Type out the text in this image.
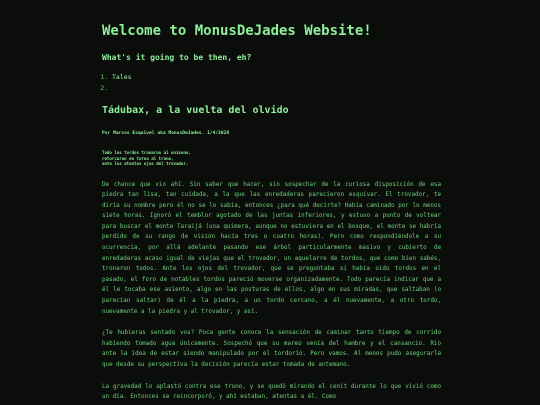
Welcome to MonusDeJades Website!
What's it going to be then, eh?
1. Tales
2.
Tádubax, a la vuelta del olvido
Por Marcos Esquivel aka MonusDeJades. 1/4/2026
Todo los tordos tronaron al unísono,
retorcaron en torno al trono,
ante los atentos ojos del trovador.

De chance que vio ahí. Sin saber que hacer, sin sospechar de la curiosa disposición de esa piedra tan lisa, tan cuidada, a la que las enredaderas parecieron esquivar. El trovador, te diría su nombre pero él no se lo sabía, entonces ¿para qué decirte? Había caminado por lo menos siete horas. Ignoró el temblor agotado de las juntas inferiores, y estuvo a punto de voltear para buscar el monte Taraijá (una quimera, aunque no estuviera en el bosque, el monte se habría perdido de su rango de visión hacía tres o cuatro horas). Pero como respondiéndole a su ocurrencia, por allá adelante pasando ese árbol particularmente masivo y cubierto de enredaderas acaso igual de viejas que el trovador, un aquelarre de tordos, que como bien sabés, tronaron todos. Ante los ojos del trovador, que se preguntaba si había oído tordos en el pasado, el foro de notables tordos pareció moverse organizadamente. Todo parecía indicar que a él le tocaba ese asiento, algo en las posturas de ellos, algo en sus miradas, que saltaban (o parecían saltar) de él a la piedra, a un tordo cercano, a él nuevamente, a otro tordo, nuevamente a la piedra y al trovador, y así.

¿Te hubieras sentado vos? Poca gente conoce la sensación de caminar tanto tiempo de corrido habiendo tomado agua únicamente. Sospechó que su mareo venía del hambre y el cansancio. Rio ante la idea de estar siendo manipulado por el tordorío. Pero vamos. Al menos pudo asegurarla que desde su perspectiva la decisión parecía estar tomada de antemano.

La gravedad lo aplastó contra ese trono, y se quedó mirando el cenit durante lo que vivió como un día. Entonces se reincorporó, y ahí estaban, atentas a él. Como
